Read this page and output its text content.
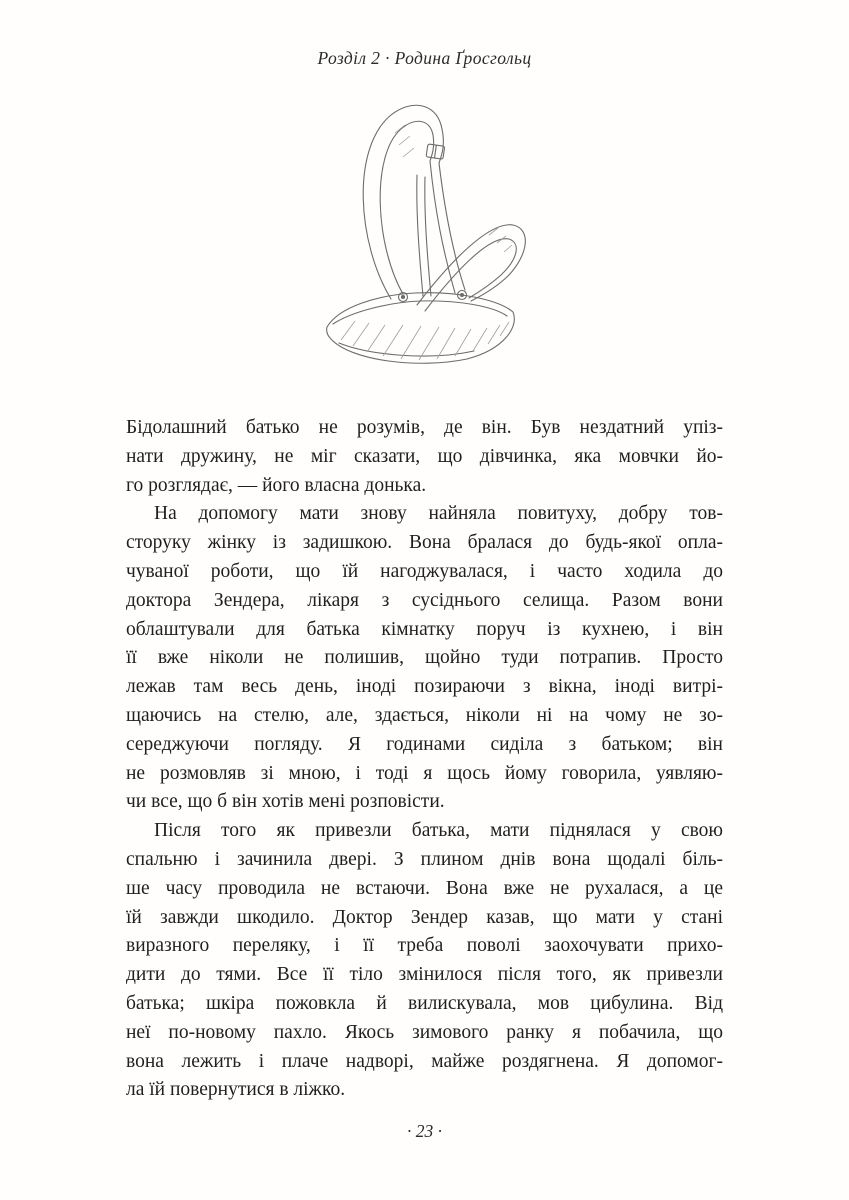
Розділ 2 · Родина Ґросгольц
Бідолашний батько не розумів, де він. Був нездатний упіз-
нати дружину, не міг сказати, що дівчинка, яка мовчки йо-
го розглядає, — його власна донька.
На допомогу мати знову найняла повитуху, добру тов-
сторуку жінку із задишкою. Вона бралася до будь-якої опла-
чуваної роботи, що їй нагоджувалася, і часто ходила до
доктора Зендера, лікаря з сусіднього селища. Разом вони
облаштували для батька кімнатку поруч із кухнею, і він
її вже ніколи не полишив, щойно туди потрапив. Просто
лежав там весь день, іноді позираючи з вікна, іноді витрі-
щаючись на стелю, але, здається, ніколи ні на чому не зо-
середжуючи погляду. Я годинами сиділа з батьком; він
не розмовляв зі мною, і тоді я щось йому говорила, уявляю-
чи все, що б він хотів мені розповісти.
Після того як привезли батька, мати піднялася у свою
спальню і зачинила двері. З плином днів вона щодалі біль-
ше часу проводила не встаючи. Вона вже не рухалася, а це
їй завжди шкодило. Доктор Зендер казав, що мати у стані
виразного переляку, і її треба поволі заохочувати прихо-
дити до тями. Все її тіло змінилося після того, як привезли
батька; шкіра пожовкла й вилискувала, мов цибулина. Від
неї по-новому пахло. Якось зимового ранку я побачила, що
вона лежить і плаче надворі, майже роздягнена. Я допомог-
ла їй повернутися в ліжко.
· 23 ·
